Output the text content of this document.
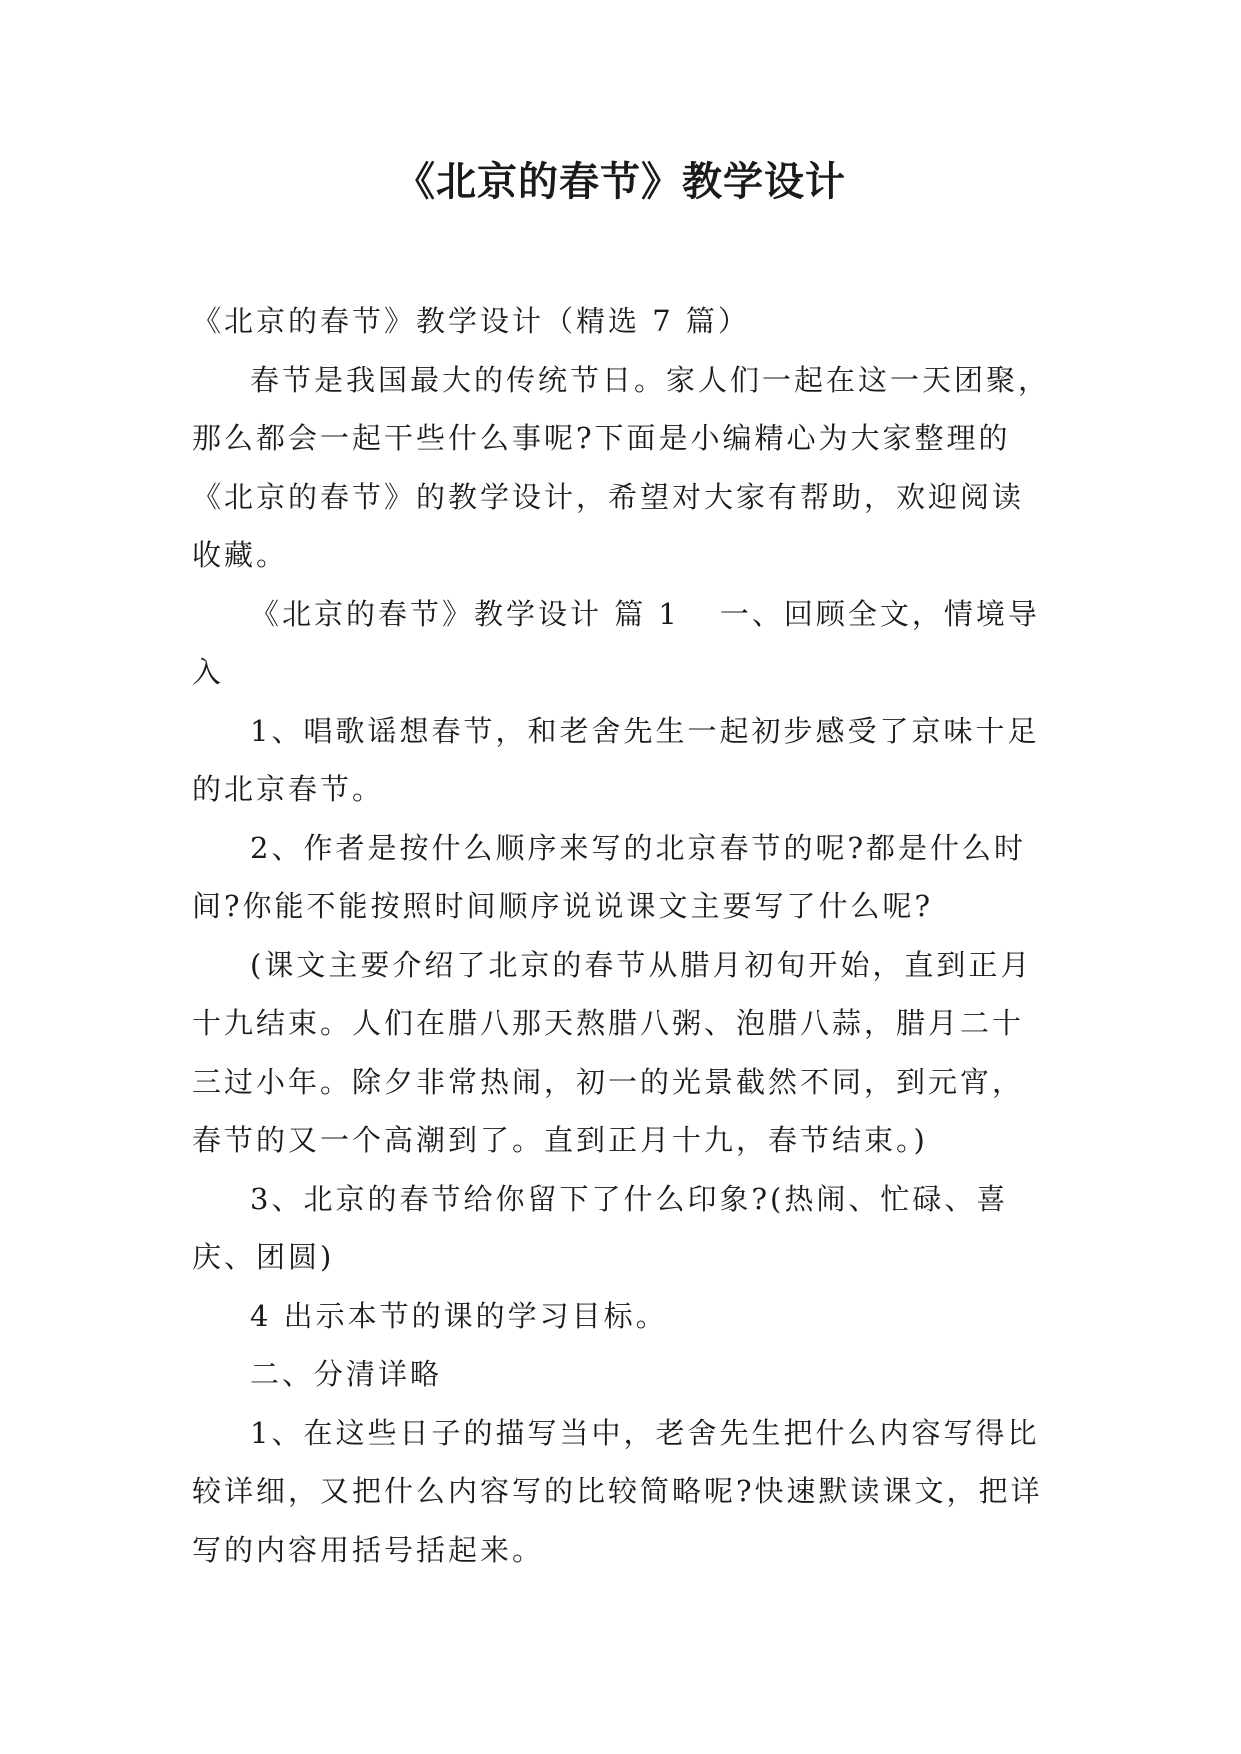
《北京的春节》教学设计

《北京的春节》教学设计（精选 7 篇）

春节是我国最大的传统节日。家人们一起在这一天团聚，那么都会一起干些什么事呢?下面是小编精心为大家整理的《北京的春节》的教学设计，希望对大家有帮助，欢迎阅读收藏。

《北京的春节》教学设计 篇 1 一、回顾全文，情境导入

1、唱歌谣想春节，和老舍先生一起初步感受了京味十足的北京春节。

2、作者是按什么顺序来写的北京春节的呢?都是什么时间?你能不能按照时间顺序说说课文主要写了什么呢?

(课文主要介绍了北京的春节从腊月初旬开始，直到正月十九结束。人们在腊八那天熬腊八粥、泡腊八蒜，腊月二十三过小年。除夕非常热闹，初一的光景截然不同，到元宵，春节的又一个高潮到了。直到正月十九，春节结束。)

3、北京的春节给你留下了什么印象?(热闹、忙碌、喜庆、团圆)

4 出示本节的课的学习目标。

二、分清详略

1、在这些日子的描写当中，老舍先生把什么内容写得比较详细，又把什么内容写的比较简略呢?快速默读课文，把详写的内容用括号括起来。
